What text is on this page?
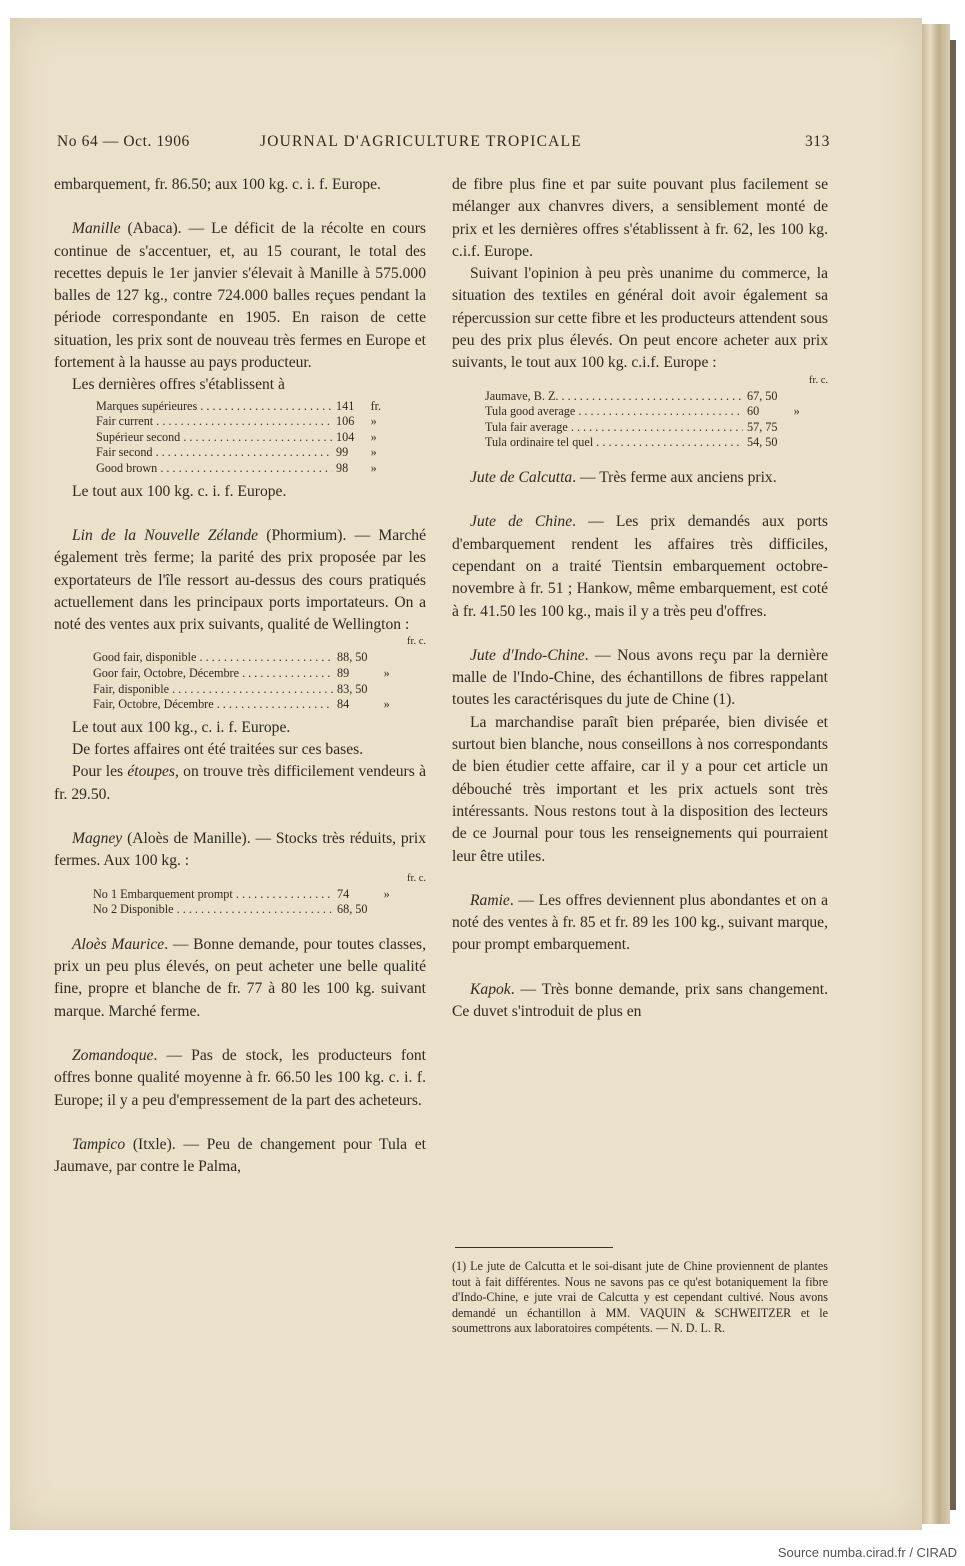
No 64 — Oct. 1906	JOURNAL D'AGRICULTURE TROPICALE	313

embarquement, fr. 86.50; aux 100 kg. c. i. f. Europe.

Manille (Abaca). — Le déficit de la récolte en cours continue de s'accentuer, et, au 15 courant, le total des recettes depuis le 1er janvier s'élevait à Manille à 575.000 balles de 127 kg., contre 724.000 balles reçues pendant la période correspondante en 1905. En raison de cette situation, les prix sont de nouveau très fermes en Europe et fortement à la hausse au pays producteur.

Les dernières offres s'établissent à

Marques supérieures . . .	141	fr.
Fair current . . .	106	»
Supérieur second . . .	104	»
Fair second . . .	99	»
Good brown . . .	98	»

Le tout aux 100 kg. c. i. f. Europe.

Lin de la Nouvelle Zélande (Phormium). — Marché également très ferme; la parité des prix proposée par les exportateurs de l'île ressort au-dessus des cours pratiqués actuellement dans les principaux ports importateurs. On a noté des ventes aux prix suivants, qualité de Wellington :

fr. c.
Good fair, disponible . . .	88, 50	
Goor fair, Octobre, Décembre . . .	89	»
Fair, disponible . . .	83, 50	
Fair, Octobre, Décembre . . .	84	»

Le tout aux 100 kg., c. i. f. Europe.

De fortes affaires ont été traitées sur ces bases.

Pour les étoupes, on trouve très difficilement vendeurs à fr. 29.50.

Magney (Aloès de Manille). — Stocks très réduits, prix fermes. Aux 100 kg. :

fr. c.
No 1 Embarquement prompt . . .	74	»
No 2 Disponible . . .	68, 50	

Aloès Maurice. — Bonne demande, pour toutes classes, prix un peu plus élevés, on peut acheter une belle qualité fine, propre et blanche de fr. 77 à 80 les 100 kg. suivant marque. Marché ferme.

Zomandoque. — Pas de stock, les producteurs font offres bonne qualité moyenne à fr. 66.50 les 100 kg. c. i. f. Europe; il y a peu d'empressement de la part des acheteurs.

Tampico (Itxle). — Peu de changement pour Tula et Jaumave, par contre le Palma,

de fibre plus fine et par suite pouvant plus facilement se mélanger aux chanvres divers, a sensiblement monté de prix et les dernières offres s'établissent à fr. 62, les 100 kg. c.i.f. Europe.

Suivant l'opinion à peu près unanime du commerce, la situation des textiles en général doit avoir également sa répercussion sur cette fibre et les producteurs attendent sous peu des prix plus élevés. On peut encore acheter aux prix suivants, le tout aux 100 kg. c.i.f. Europe :

fr. c.
Jaumave, B. Z. . . .	67, 50	
Tula good average . . .	60	»
Tula fair average . . .	57, 75	
Tula ordinaire tel quel . . .	54, 50	

Jute de Calcutta. — Très ferme aux anciens prix.

Jute de Chine. — Les prix demandés aux ports d'embarquement rendent les affaires très difficiles, cependant on a traité Tientsin embarquement octobre-novembre à fr. 51 ; Hankow, même embarquement, est coté à fr. 41.50 les 100 kg., mais il y a très peu d'offres.

Jute d'Indo-Chine. — Nous avons reçu par la dernière malle de l'Indo-Chine, des échantillons de fibres rappelant toutes les caractérisques du jute de Chine (1).

La marchandise paraît bien préparée, bien divisée et surtout bien blanche, nous conseillons à nos correspondants de bien étudier cette affaire, car il y a pour cet article un débouché très important et les prix actuels sont très intéressants. Nous restons tout à la disposition des lecteurs de ce Journal pour tous les renseignements qui pourraient leur être utiles.

Ramie. — Les offres deviennent plus abondantes et on a noté des ventes à fr. 85 et fr. 89 les 100 kg., suivant marque, pour prompt embarquement.

Kapok. — Très bonne demande, prix sans changement. Ce duvet s'introduit de plus en

(1) Le jute de Calcutta et le soi-disant jute de Chine proviennent de plantes tout à fait différentes. Nous ne savons pas ce qu'est botaniquement la fibre d'Indo-Chine, e jute vrai de Calcutta y est cependant cultivé. Nous avons demandé un échantillon à MM. VAQUIN & SCHWEITZER et le soumettrons aux laboratoires compétents. — N. D. L. R.
Source numba.cirad.fr / CIRAD
